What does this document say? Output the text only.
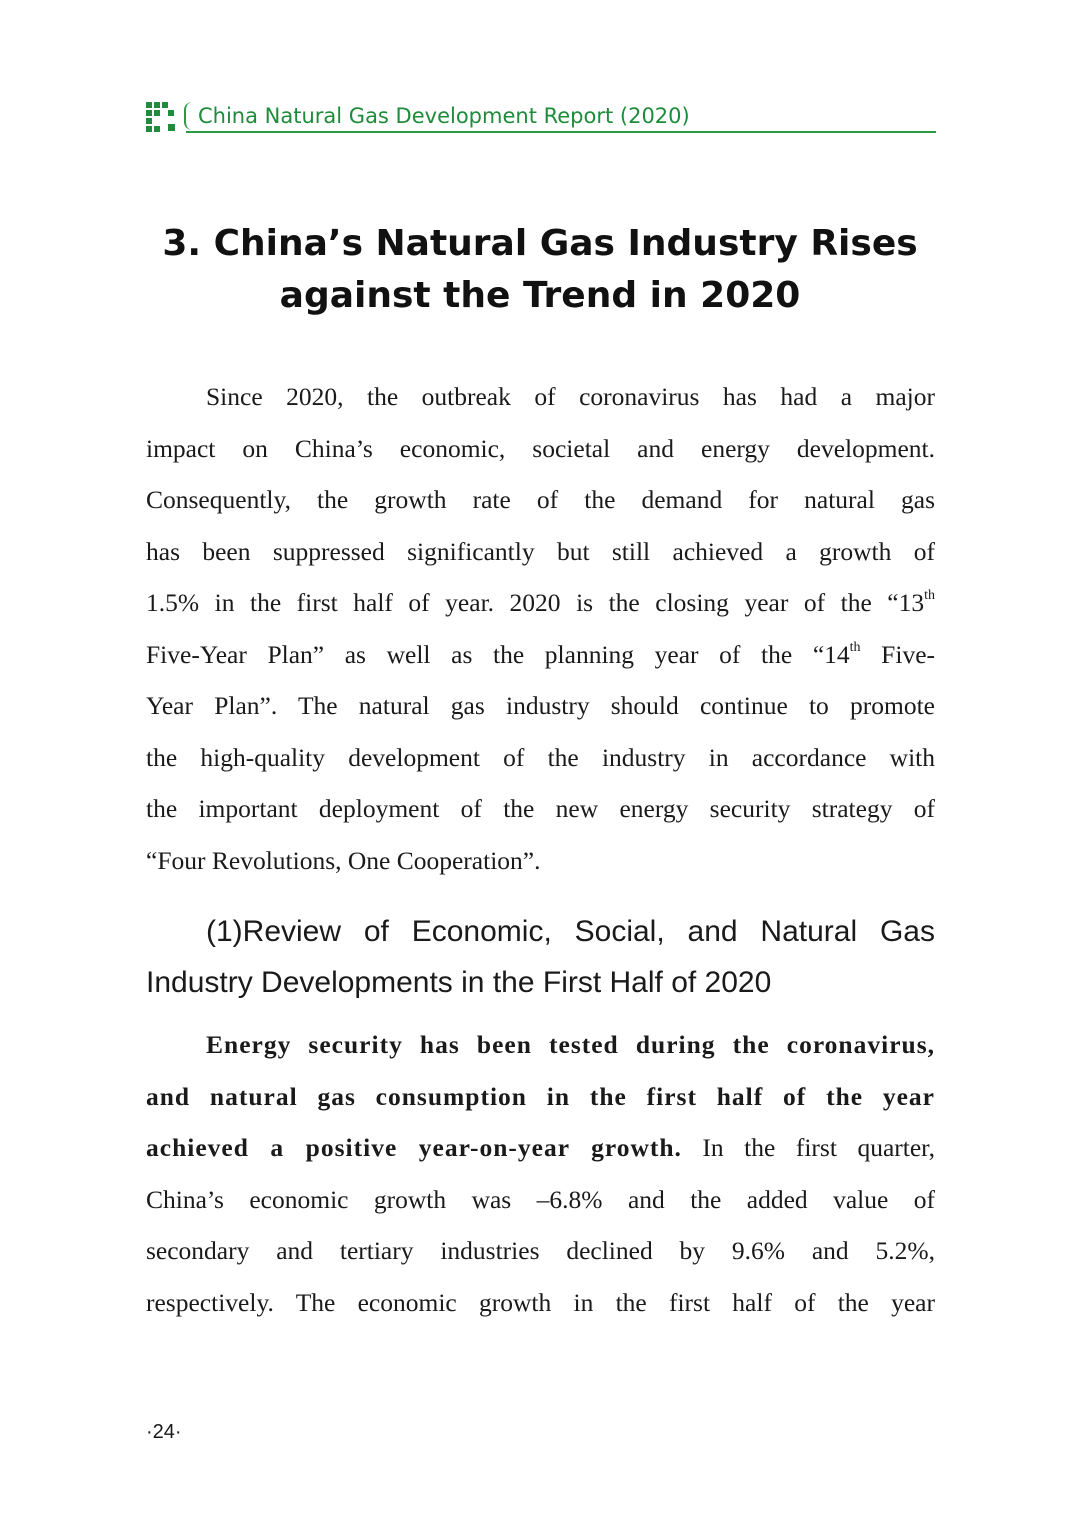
China Natural Gas Development Report (2020)
3. China’s Natural Gas Industry Rises
against the Trend in 2020
Since 2020, the outbreak of coronavirus has had a major
impact on China’s economic, societal and energy development.
Consequently, the growth rate of the demand for natural gas
has been suppressed significantly but still achieved a growth of
1.5% in the first half of year. 2020 is the closing year of the “13th
Five-Year Plan” as well as the planning year of the “14th Five-
Year Plan”. The natural gas industry should continue to promote
the high-quality development of the industry in accordance with
the important deployment of the new energy security strategy of
“Four Revolutions, One Cooperation”.
(1)Review of Economic, Social, and Natural Gas
Industry Developments in the First Half of 2020
Energy security has been tested during the coronavirus,
and natural gas consumption in the first half of the year
achieved a positive year-on-year growth. In the first quarter,
China’s economic growth was –6.8% and the added value of
secondary and tertiary industries declined by 9.6% and 5.2%,
respectively. The economic growth in the first half of the year
·24·
